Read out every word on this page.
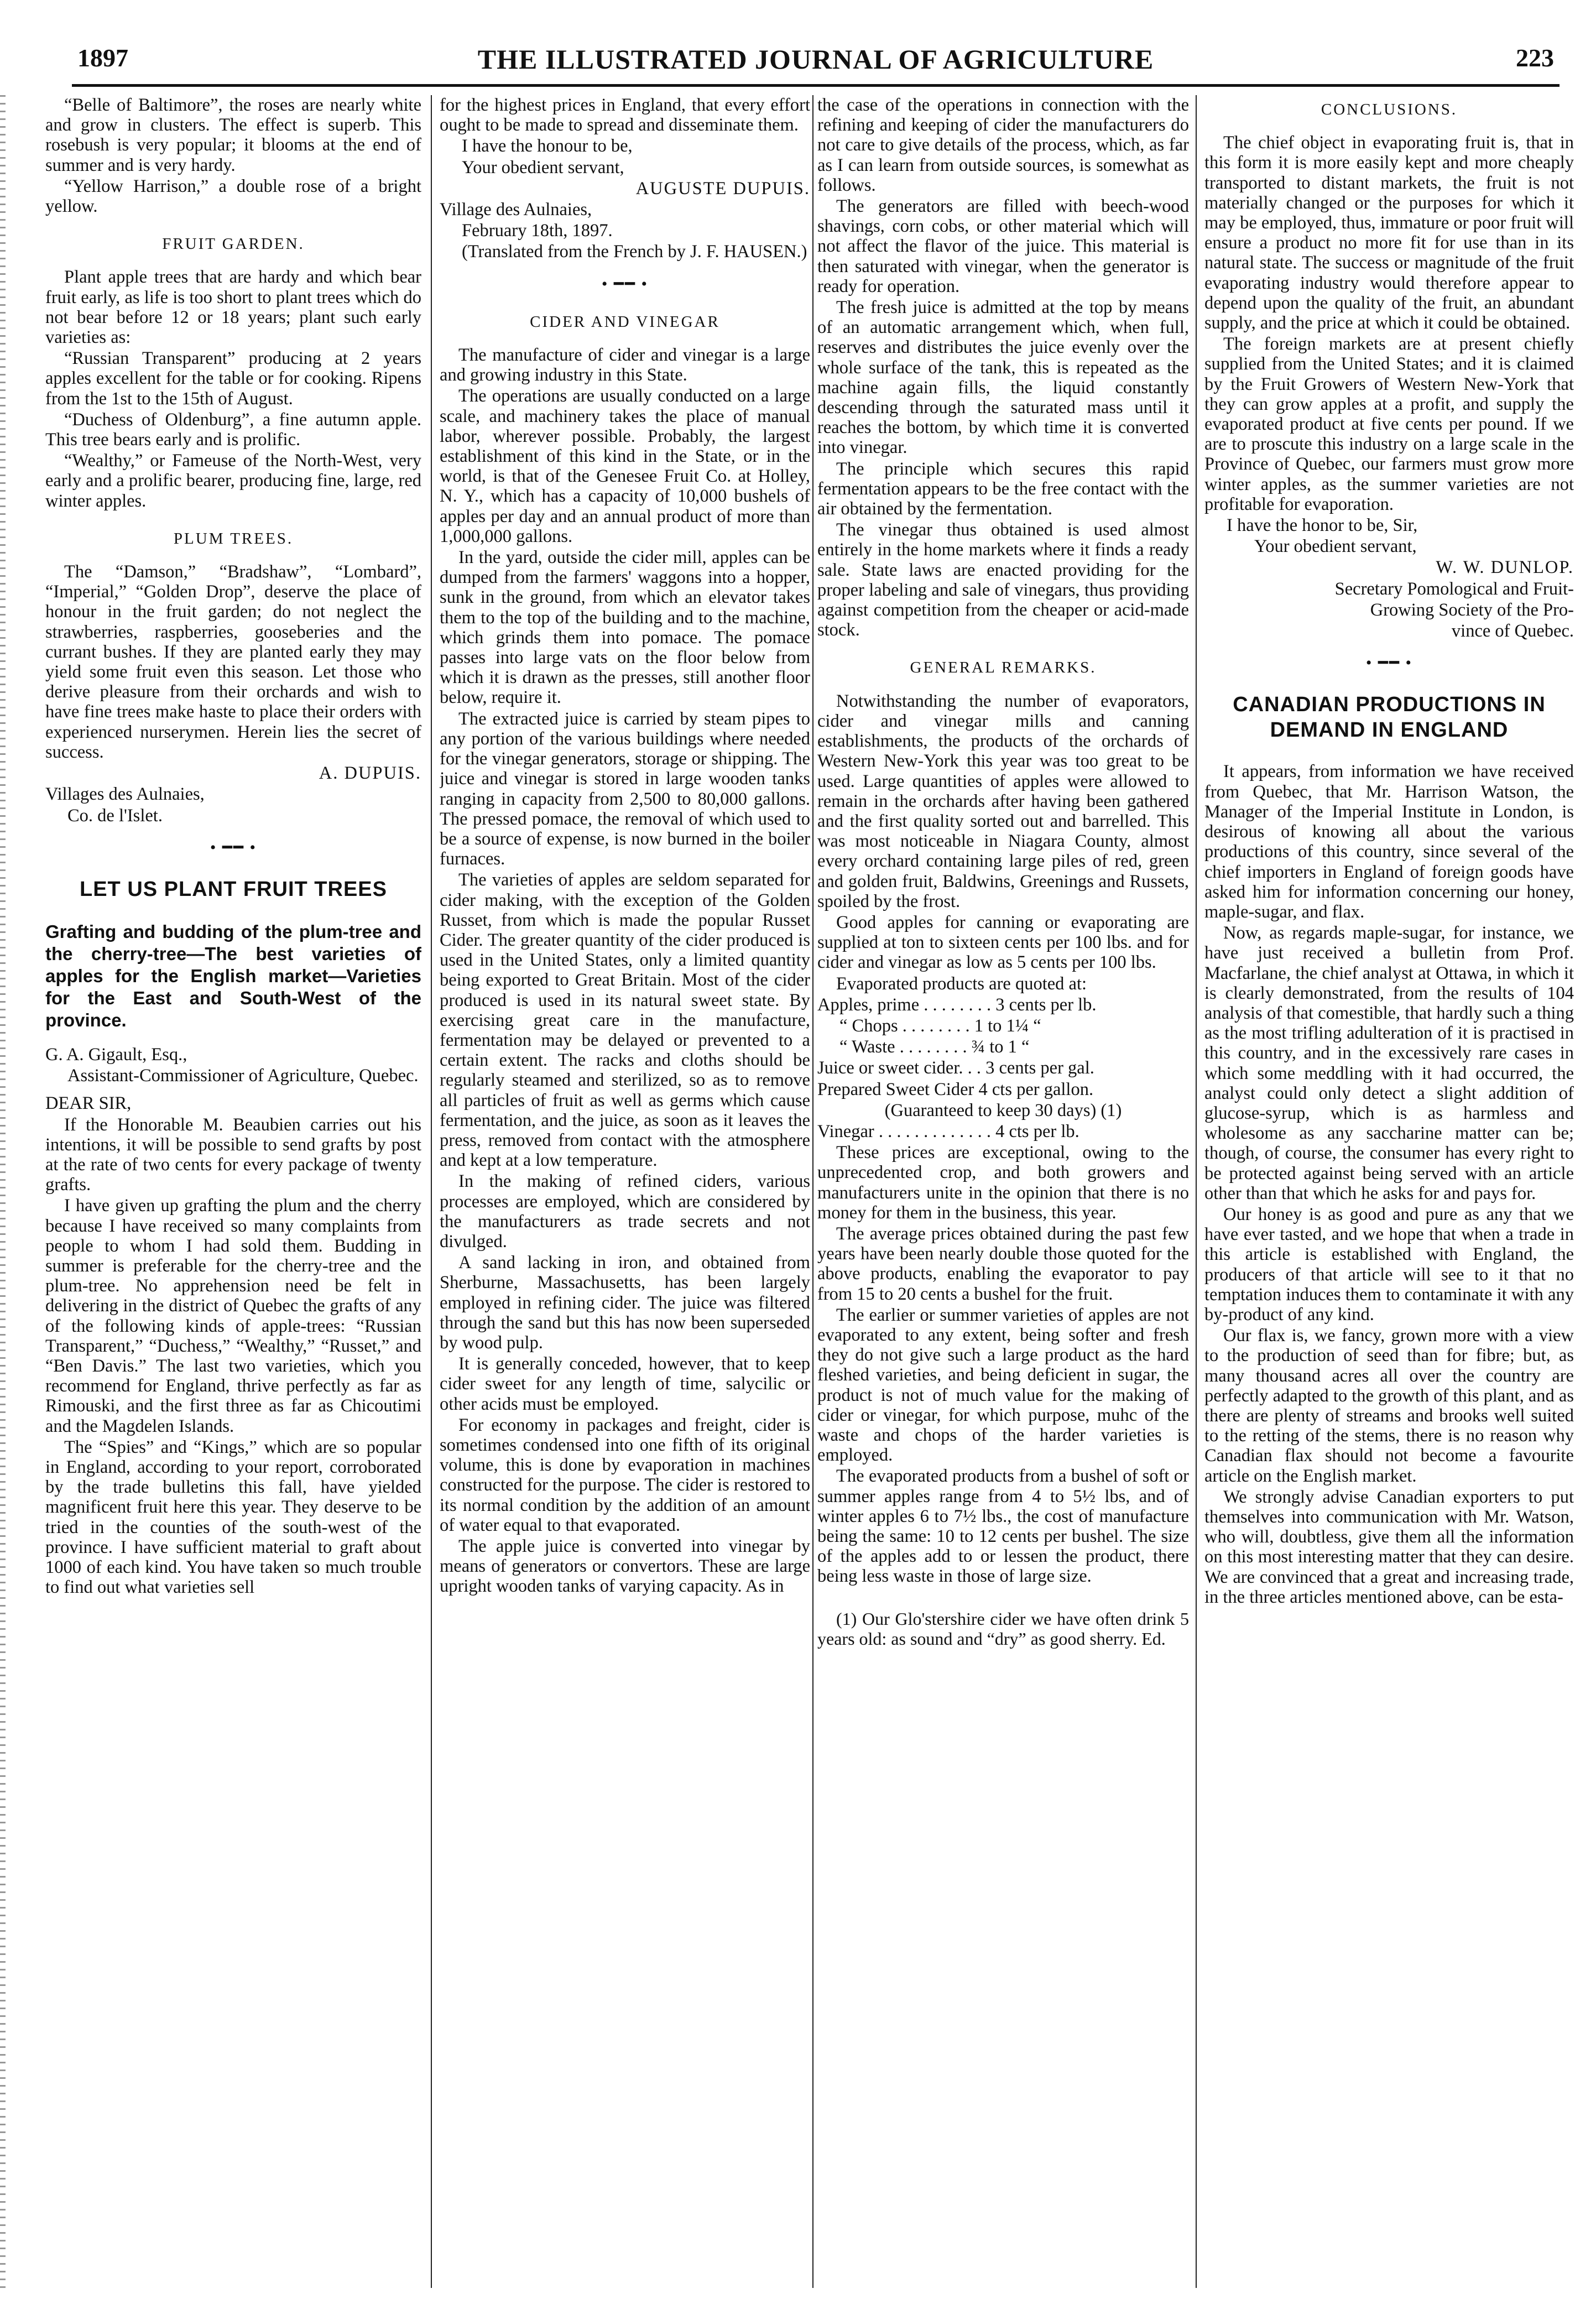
1897	THE ILLUSTRATED JOURNAL OF AGRICULTURE	223

“Belle of Baltimore”, the roses are nearly white and grow in clusters. The effect is superb. This rosebush is very popular; it blooms at the end of summer and is very hardy.

“Yellow Harrison,” a double rose of a bright yellow.

FRUIT GARDEN.

Plant apple trees that are hardy and which bear fruit early, as life is too short to plant trees which do not bear before 12 or 18 years; plant such early varieties as:

“Russian Transparent” producing at 2 years apples excellent for the table or for cooking. Ripens from the 1st to the 15th of August.

“Duchess of Oldenburg”, a fine autumn apple. This tree bears early and is prolific.

“Wealthy,” or Fameuse of the North-West, very early and a prolific bearer, producing fine, large, red winter apples.

PLUM TREES.

The “Damson,” “Bradshaw”, “Lombard”, “Imperial,” “Golden Drop”, deserve the place of honour in the fruit garden; do not neglect the strawberries, raspberries, gooseberies and the currant bushes. If they are planted early they may yield some fruit even this season. Let those who derive pleasure from their orchards and wish to have fine trees make haste to place their orders with experienced nurserymen. Herein lies the secret of success.

A. DUPUIS.

Villages des Aulnaies,

Co. de l'Islet.

• ━━ •
LET US PLANT FRUIT TREES
Grafting and budding of the plum-tree and the cherry-tree—The best varieties of apples for the English market—Varieties for the East and South-West of the province.

G. A. Gigault, Esq.,

Assistant-Commissioner of Agriculture, Quebec.

DEAR SIR,

If the Honorable M. Beaubien carries out his intentions, it will be possible to send grafts by post at the rate of two cents for every package of twenty grafts.

I have given up grafting the plum and the cherry because I have received so many complaints from people to whom I had sold them. Budding in summer is preferable for the cherry-tree and the plum-tree. No apprehension need be felt in delivering in the district of Quebec the grafts of any of the following kinds of apple-trees: “Russian Transparent,” “Duchess,” “Wealthy,” “Russet,” and “Ben Davis.” The last two varieties, which you recommend for England, thrive perfectly as far as Rimouski, and the first three as far as Chicoutimi and the Magdelen Islands.

The “Spies” and “Kings,” which are so popular in England, according to your report, corroborated by the trade bulletins this fall, have yielded magnificent fruit here this year. They deserve to be tried in the counties of the south-west of the province. I have sufficient material to graft about 1000 of each kind. You have taken so much trouble to find out what varieties sell

for the highest prices in England, that every effort ought to be made to spread and disseminate them.

I have the honour to be,

Your obedient servant,

AUGUSTE DUPUIS.

Village des Aulnaies,

February 18th, 1897.

(Translated from the French by J. F. HAUSEN.)

• ━━ •
CIDER AND VINEGAR

The manufacture of cider and vinegar is a large and growing industry in this State.

The operations are usually conducted on a large scale, and machinery takes the place of manual labor, wherever possible. Probably, the largest establishment of this kind in the State, or in the world, is that of the Genesee Fruit Co. at Holley, N. Y., which has a capacity of 10,000 bushels of apples per day and an annual product of more than 1,000,000 gallons.

In the yard, outside the cider mill, apples can be dumped from the farmers' waggons into a hopper, sunk in the ground, from which an elevator takes them to the top of the building and to the machine, which grinds them into pomace. The pomace passes into large vats on the floor below from which it is drawn as the presses, still another floor below, require it.

The extracted juice is carried by steam pipes to any portion of the various buildings where needed for the vinegar generators, storage or shipping. The juice and vinegar is stored in large wooden tanks ranging in capacity from 2,500 to 80,000 gallons. The pressed pomace, the removal of which used to be a source of expense, is now burned in the boiler furnaces.

The varieties of apples are seldom separated for cider making, with the exception of the Golden Russet, from which is made the popular Russet Cider. The greater quantity of the cider produced is used in the United States, only a limited quantity being exported to Great Britain. Most of the cider produced is used in its natural sweet state. By exercising great care in the manufacture, fermentation may be delayed or prevented to a certain extent. The racks and cloths should be regularly steamed and sterilized, so as to remove all particles of fruit as well as germs which cause fermentation, and the juice, as soon as it leaves the press, removed from contact with the atmosphere and kept at a low temperature.

In the making of refined ciders, various processes are employed, which are considered by the manufacturers as trade secrets and not divulged.

A sand lacking in iron, and obtained from Sherburne, Massachusetts, has been largely employed in refining cider. The juice was filtered through the sand but this has now been superseded by wood pulp.

It is generally conceded, however, that to keep cider sweet for any length of time, salycilic or other acids must be employed.

For economy in packages and freight, cider is sometimes condensed into one fifth of its original volume, this is done by evaporation in machines constructed for the purpose. The cider is restored to its normal condition by the addition of an amount of water equal to that evaporated.

The apple juice is converted into vinegar by means of generators or convertors. These are large upright wooden tanks of varying capacity. As in

the case of the operations in connection with the refining and keeping of cider the manufacturers do not care to give details of the process, which, as far as I can learn from outside sources, is somewhat as follows.

The generators are filled with beech-wood shavings, corn cobs, or other material which will not affect the flavor of the juice. This material is then saturated with vinegar, when the generator is ready for operation.

The fresh juice is admitted at the top by means of an automatic arrangement which, when full, reserves and distributes the juice evenly over the whole surface of the tank, this is repeated as the machine again fills, the liquid constantly descending through the saturated mass until it reaches the bottom, by which time it is converted into vinegar.

The principle which secures this rapid fermentation appears to be the free contact with the air obtained by the fermentation.

The vinegar thus obtained is used almost entirely in the home markets where it finds a ready sale. State laws are enacted providing for the proper labeling and sale of vinegars, thus providing against competition from the cheaper or acid-made stock.

GENERAL REMARKS.

Notwithstanding the number of evaporators, cider and vinegar mills and canning establishments, the products of the orchards of Western New-York this year was too great to be used. Large quantities of apples were allowed to remain in the orchards after having been gathered and the first quality sorted out and barrelled. This was most noticeable in Niagara County, almost every orchard containing large piles of red, green and golden fruit, Baldwins, Greenings and Russets, spoiled by the frost.

Good apples for canning or evaporating are supplied at ton to sixteen cents per 100 lbs. and for cider and vinegar as low as 5 cents per 100 lbs.

Evaporated products are quoted at:

Apples, prime . . . . . . . . 3 cents per lb.

“ Chops . . . . . . . . 1 to 1¼ “

“ Waste . . . . . . . . ¾ to 1 “

Juice or sweet cider. . . 3 cents per gal.

Prepared Sweet Cider 4 cts per gallon.

(Guaranteed to keep 30 days) (1)

Vinegar . . . . . . . . . . . . . 4 cts per lb.

These prices are exceptional, owing to the unprecedented crop, and both growers and manufacturers unite in the opinion that there is no money for them in the business, this year.

The average prices obtained during the past few years have been nearly double those quoted for the above products, enabling the evaporator to pay from 15 to 20 cents a bushel for the fruit.

The earlier or summer varieties of apples are not evaporated to any extent, being softer and fresh they do not give such a large product as the hard fleshed varieties, and being deficient in sugar, the product is not of much value for the making of cider or vinegar, for which purpose, muhc of the waste and chops of the harder varieties is employed.

The evaporated products from a bushel of soft or summer apples range from 4 to 5½ lbs, and of winter apples 6 to 7½ lbs., the cost of manufacture being the same: 10 to 12 cents per bushel. The size of the apples add to or lessen the product, there being less waste in those of large size.

(1) Our Glo'stershire cider we have often drink 5 years old: as sound and “dry” as good sherry. Ed.

CONCLUSIONS.

The chief object in evaporating fruit is, that in this form it is more easily kept and more cheaply transported to distant markets, the fruit is not materially changed or the purposes for which it may be employed, thus, immature or poor fruit will ensure a product no more fit for use than in its natural state. The success or magnitude of the fruit evaporating industry would therefore appear to depend upon the quality of the fruit, an abundant supply, and the price at which it could be obtained.

The foreign markets are at present chiefly supplied from the United States; and it is claimed by the Fruit Growers of Western New-York that they can grow apples at a profit, and supply the evaporated product at five cents per pound. If we are to proscute this industry on a large scale in the Province of Quebec, our farmers must grow more winter apples, as the summer varieties are not profitable for evaporation.

I have the honor to be, Sir,

Your obedient servant,

W. W. DUNLOP.

Secretary Pomological and Fruit-

Growing Society of the Pro-

vince of Quebec.

• ━━ •
CANADIAN PRODUCTIONS IN DEMAND IN ENGLAND

It appears, from information we have received from Quebec, that Mr. Harrison Watson, the Manager of the Imperial Institute in London, is desirous of knowing all about the various productions of this country, since several of the chief importers in England of foreign goods have asked him for information concerning our honey, maple-sugar, and flax.

Now, as regards maple-sugar, for instance, we have just received a bulletin from Prof. Macfarlane, the chief analyst at Ottawa, in which it is clearly demonstrated, from the results of 104 analysis of that comestible, that hardly such a thing as the most trifling adulteration of it is practised in this country, and in the excessively rare cases in which some meddling with it had occurred, the analyst could only detect a slight addition of glucose-syrup, which is as harmless and wholesome as any saccharine matter can be; though, of course, the consumer has every right to be protected against being served with an article other than that which he asks for and pays for.

Our honey is as good and pure as any that we have ever tasted, and we hope that when a trade in this article is established with England, the producers of that article will see to it that no temptation induces them to contaminate it with any by-product of any kind.

Our flax is, we fancy, grown more with a view to the production of seed than for fibre; but, as many thousand acres all over the country are perfectly adapted to the growth of this plant, and as there are plenty of streams and brooks well suited to the retting of the stems, there is no reason why Canadian flax should not become a favourite article on the English market.

We strongly advise Canadian exporters to put themselves into communication with Mr. Watson, who will, doubtless, give them all the information on this most interesting matter that they can desire. We are convinced that a great and increasing trade, in the three articles mentioned above, can be esta-
